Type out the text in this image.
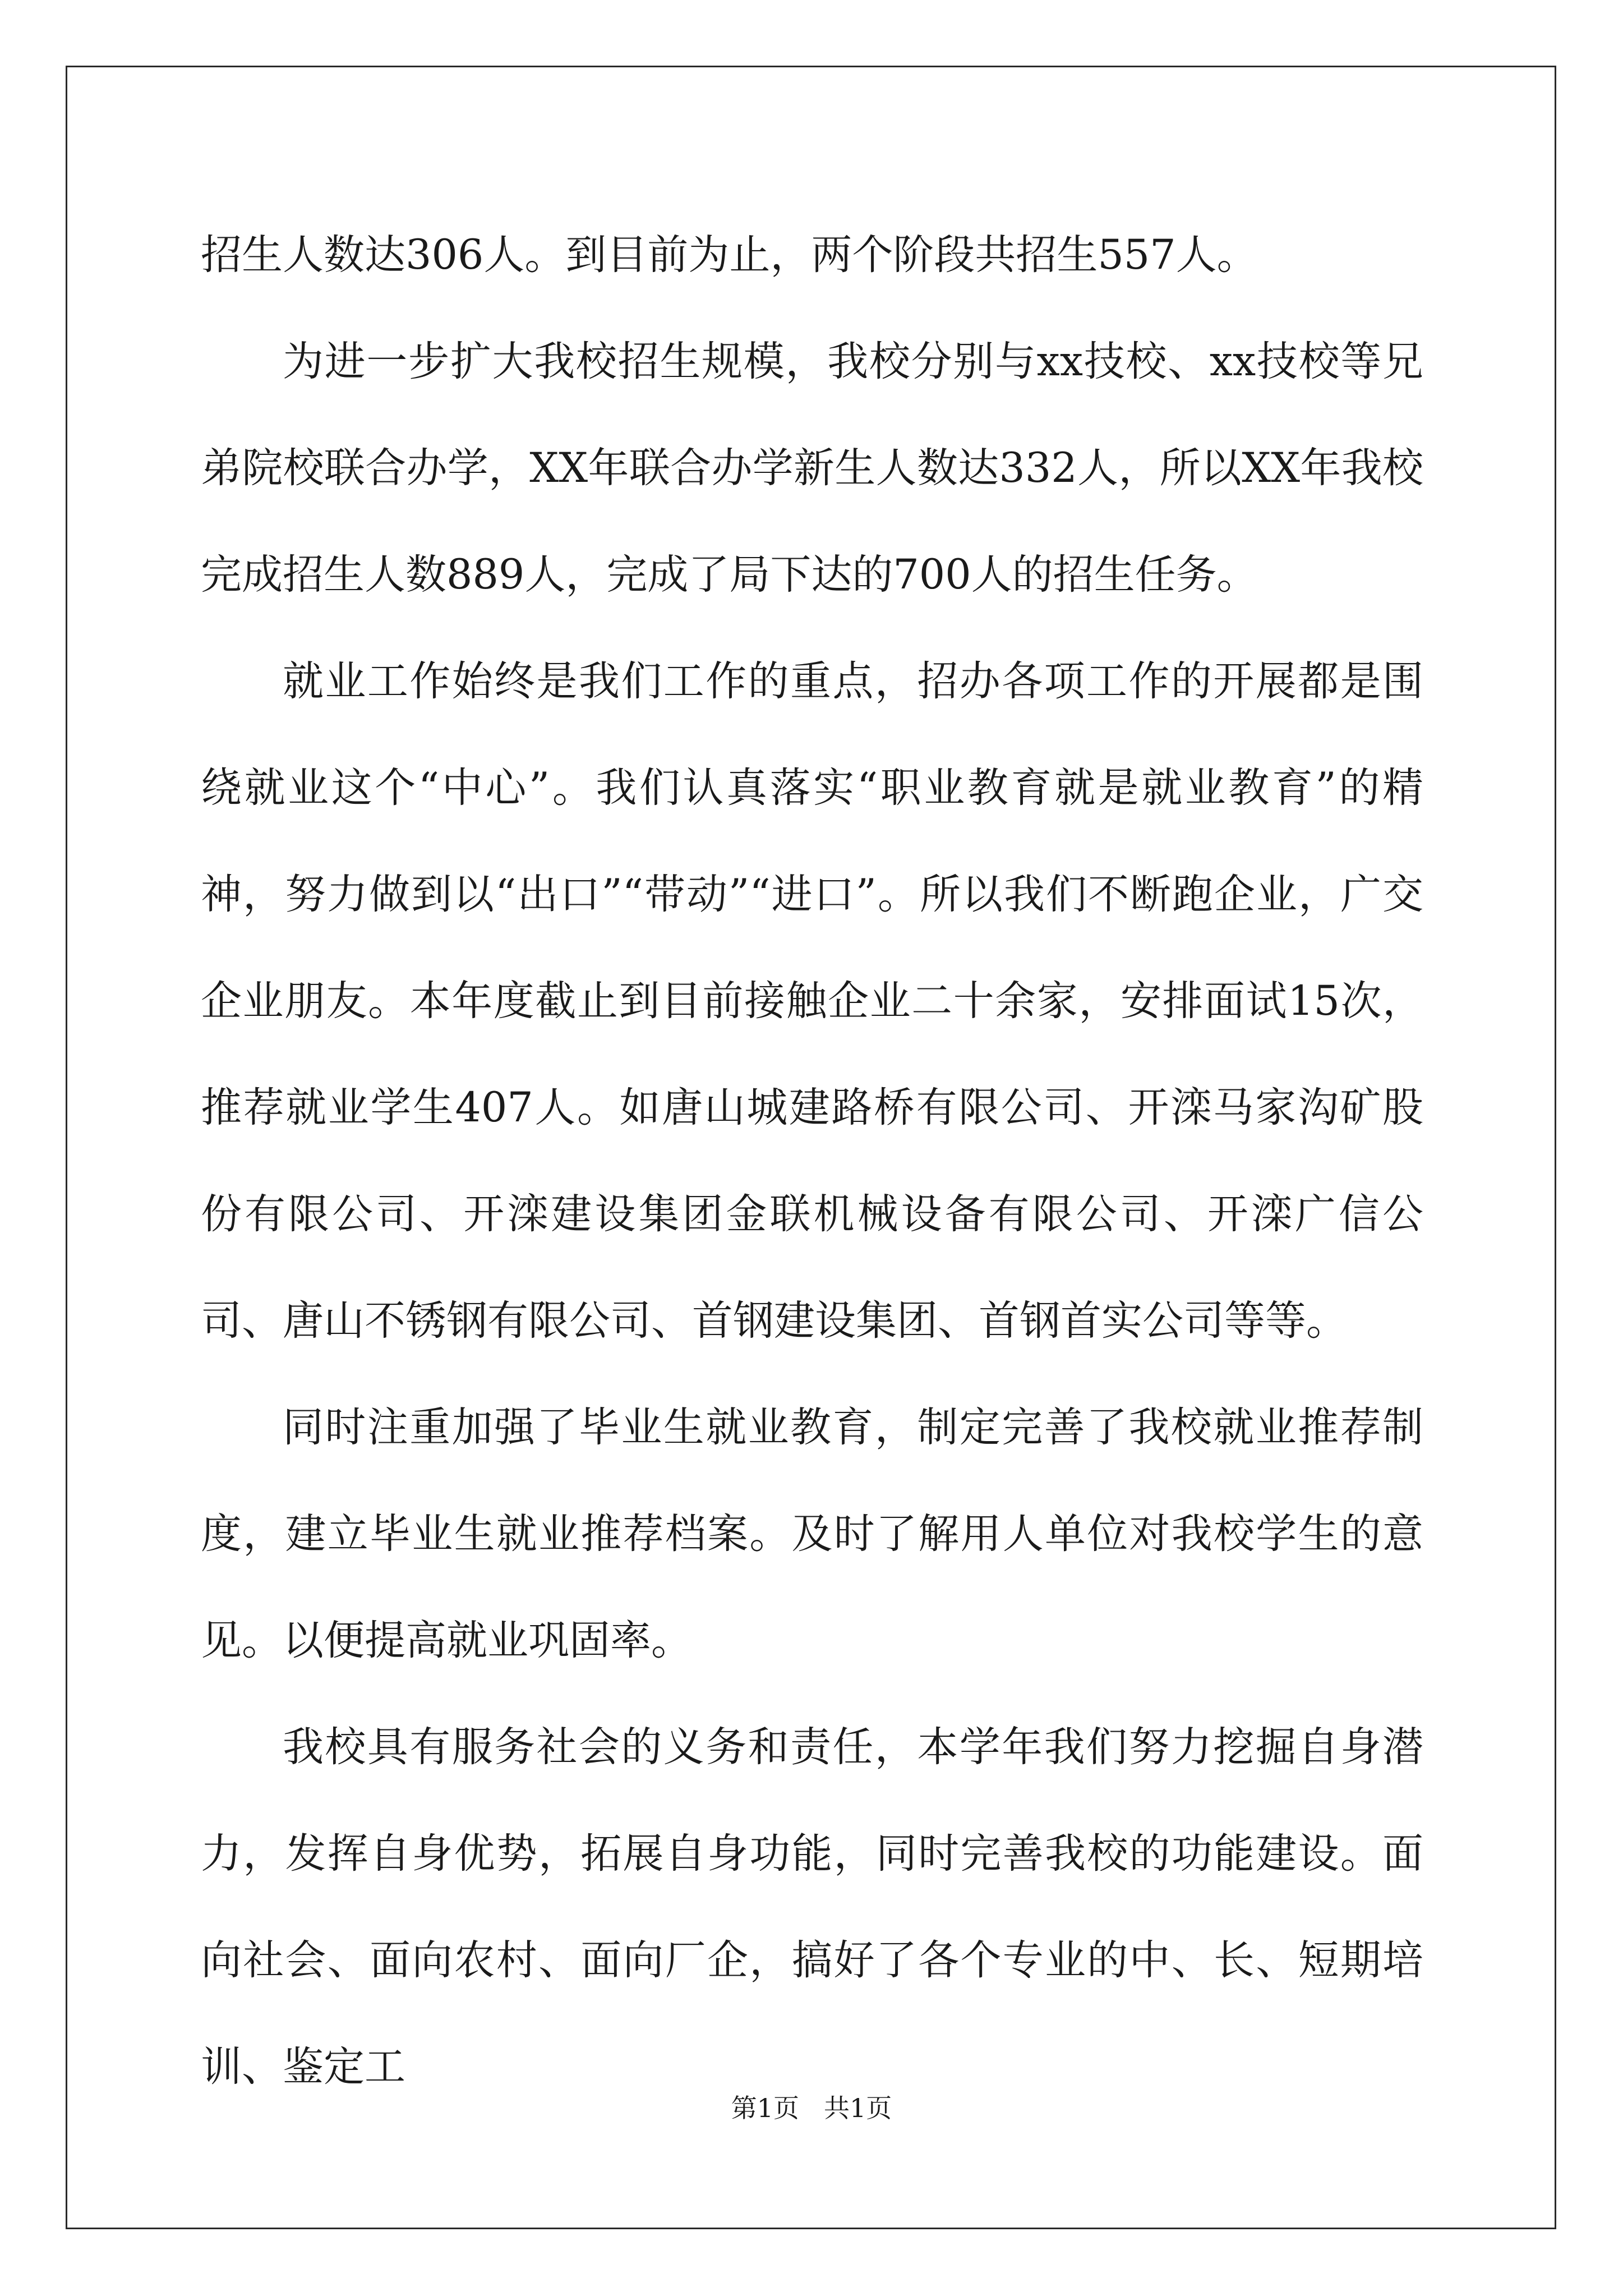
招生人数达306人。到目前为止，两个阶段共招生557人。

为进一步扩大我校招生规模，我校分别与xx技校、xx技校等兄弟院校联合办学，XX年联合办学新生人数达332人，所以XX年我校完成招生人数889人，完成了局下达的700人的招生任务。

就业工作始终是我们工作的重点，招办各项工作的开展都是围绕就业这个“中心”。我们认真落实“职业教育就是就业教育”的精神，努力做到以“出口”“带动”“进口”。所以我们不断跑企业，广交企业朋友。本年度截止到目前接触企业二十余家，安排面试15次，推荐就业学生407人。如唐山城建路桥有限公司、开滦马家沟矿股份有限公司、开滦建设集团金联机械设备有限公司、开滦广信公司、唐山不锈钢有限公司、首钢建设集团、首钢首实公司等等。

同时注重加强了毕业生就业教育，制定完善了我校就业推荐制度，建立毕业生就业推荐档案。及时了解用人单位对我校学生的意见。以便提高就业巩固率。

我校具有服务社会的义务和责任，本学年我们努力挖掘自身潜力，发挥自身优势，拓展自身功能，同时完善我校的功能建设。面向社会、面向农村、面向厂企，搞好了各个专业的中、长、短期培训、鉴定工

第1页 共1页
